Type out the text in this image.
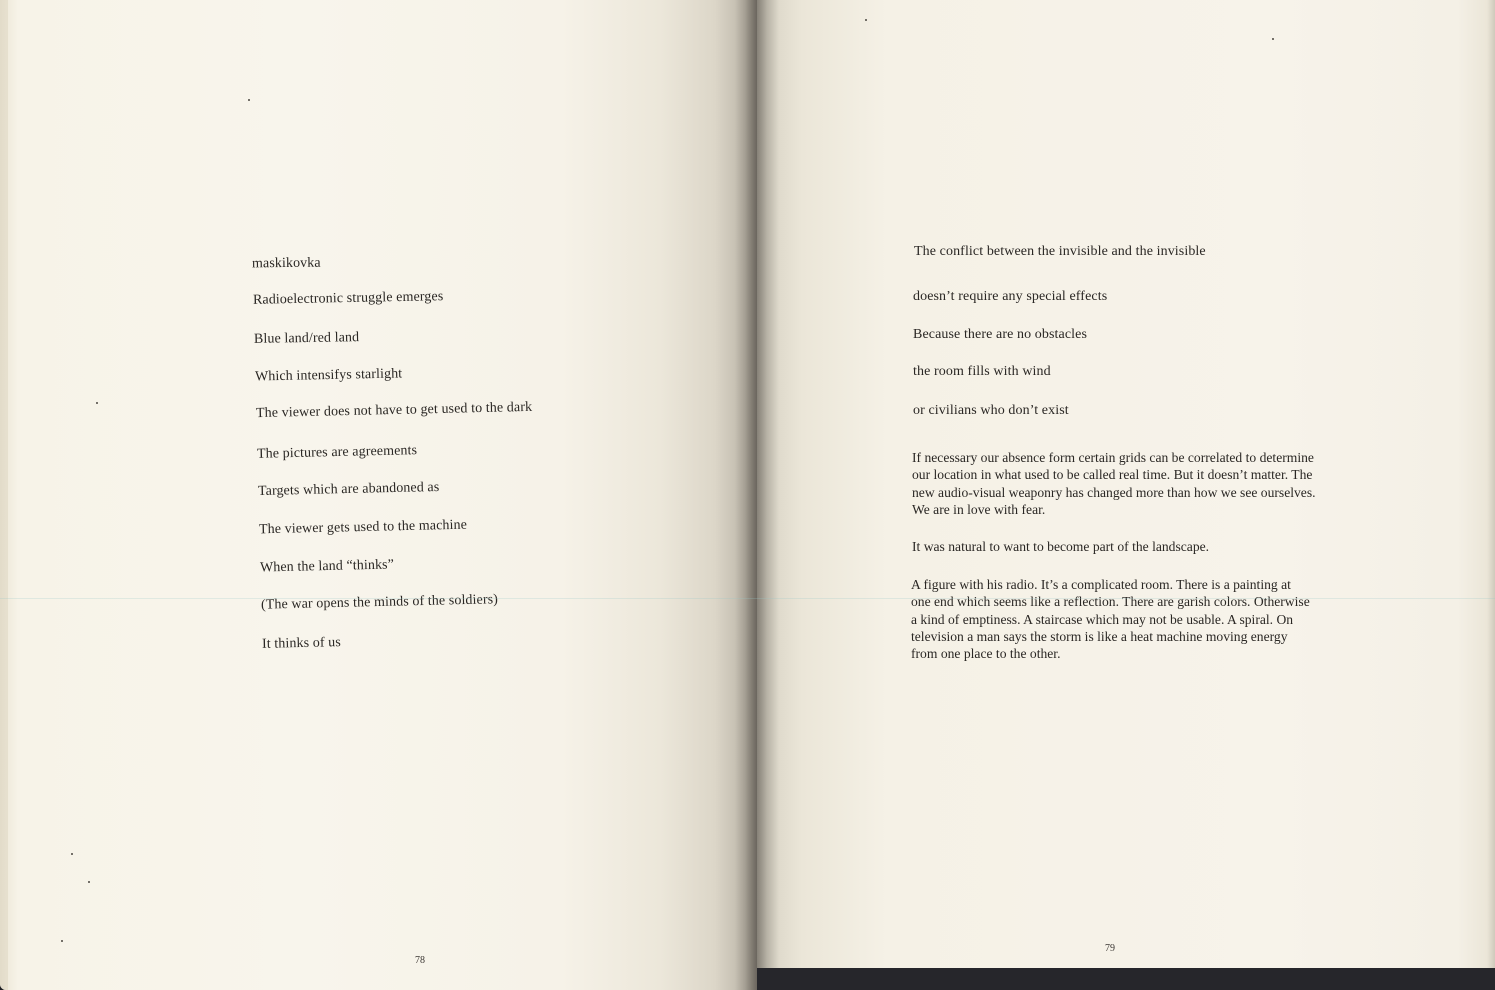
maskikovka
Radioelectronic struggle emerges
Blue land/red land
Which intensifys starlight
The viewer does not have to get used to the dark
The pictures are agreements
Targets which are abandoned as
The viewer gets used to the machine
When the land “thinks”
(The war opens the minds of the soldiers)
It thinks of us
78
The conflict between the invisible and the invisible
doesn’t require any special effects
Because there are no obstacles
the room fills with wind
or civilians who don’t exist
If necessary our absence form certain grids can be correlated to determine our location in what used to be called real time. But it doesn’t matter. The new audio-visual weaponry has changed more than how we see ourselves. We are in love with fear.
It was natural to want to become part of the landscape.
A figure with his radio. It’s a complicated room. There is a painting at one end which seems like a reflection. There are garish colors. Otherwise a kind of emptiness. A staircase which may not be usable. A spiral. On television a man says the storm is like a heat machine moving energy from one place to the other.
79
